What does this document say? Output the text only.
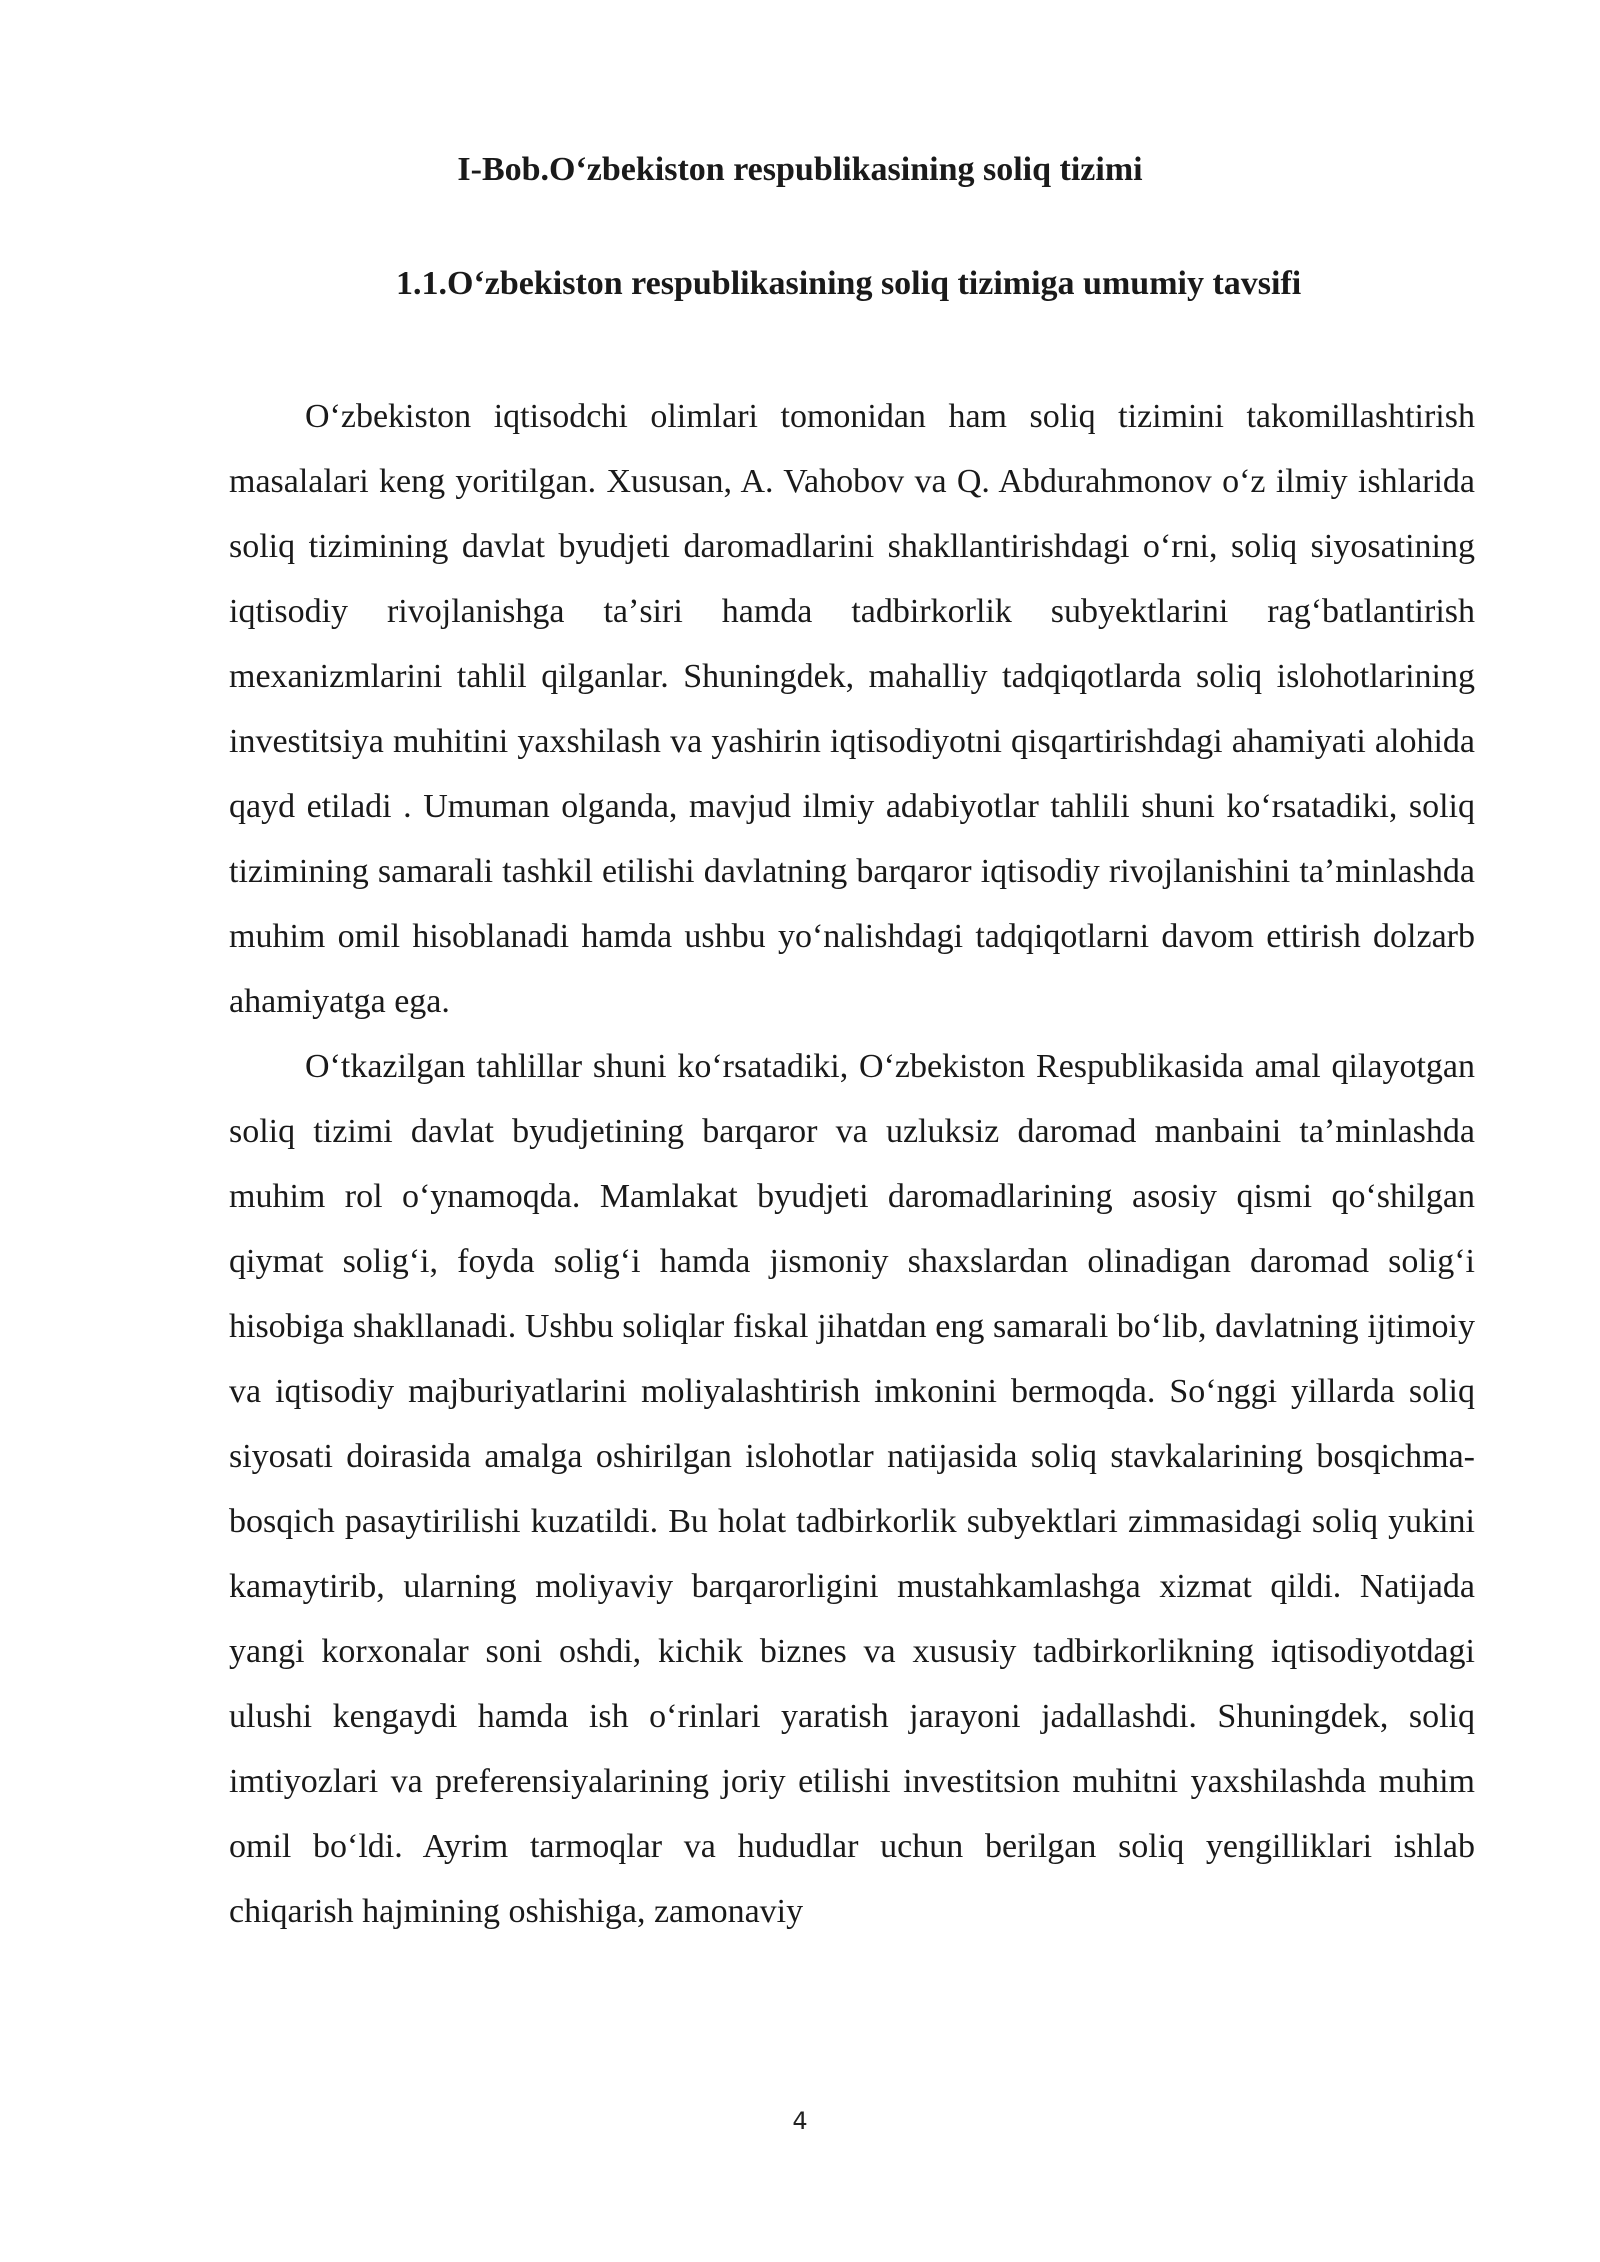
I-Bob.Oʻzbekiston respublikasining soliq tizimi
1.1.Oʻzbekiston respublikasining soliq tizimiga umumiy tavsifi

Oʻzbekiston iqtisodchi olimlari tomonidan ham soliq tizimini takomillashtirish masalalari keng yoritilgan. Xususan, A. Vahobov va Q. Abdurahmonov oʻz ilmiy ishlarida soliq tizimining davlat byudjeti daromadlarini shakllantirishdagi oʻrni, soliq siyosatining iqtisodiy rivojlanishga taʼsiri hamda tadbirkorlik subyektlarini ragʻbatlantirish mexanizmlarini tahlil qilganlar. Shuningdek, mahalliy tadqiqotlarda soliq islohotlarining investitsiya muhitini yaxshilash va yashirin iqtisodiyotni qisqartirishdagi ahamiyati alohida qayd etiladi . Umuman olganda, mavjud ilmiy adabiyotlar tahlili shuni koʻrsatadiki, soliq tizimining samarali tashkil etilishi davlatning barqaror iqtisodiy rivojlanishini taʼminlashda muhim omil hisoblanadi hamda ushbu yoʻnalishdagi tadqiqotlarni davom ettirish dolzarb ahamiyatga ega.

Oʻtkazilgan tahlillar shuni koʻrsatadiki, Oʻzbekiston Respublikasida amal qilayotgan soliq tizimi davlat byudjetining barqaror va uzluksiz daromad manbaini taʼminlashda muhim rol oʻynamoqda. Mamlakat byudjeti daromadlarining asosiy qismi qoʻshilgan qiymat soligʻi, foyda soligʻi hamda jismoniy shaxslardan olinadigan daromad soligʻi hisobiga shakllanadi. Ushbu soliqlar fiskal jihatdan eng samarali boʻlib, davlatning ijtimoiy va iqtisodiy majburiyatlarini moliyalashtirish imkonini bermoqda. Soʻnggi yillarda soliq siyosati doirasida amalga oshirilgan islohotlar natijasida soliq stavkalarining bosqichma-bosqich pasaytirilishi kuzatildi. Bu holat tadbirkorlik subyektlari zimmasidagi soliq yukini kamaytirib, ularning moliyaviy barqarorligini mustahkamlashga xizmat qildi. Natijada yangi korxonalar soni oshdi, kichik biznes va xususiy tadbirkorlikning iqtisodiyotdagi ulushi kengaydi hamda ish oʻrinlari yaratish jarayoni jadallashdi. Shuningdek, soliq imtiyozlari va preferensiyalarining joriy etilishi investitsion muhitni yaxshilashda muhim omil boʻldi. Ayrim tarmoqlar va hududlar uchun berilgan soliq yengilliklari ishlab chiqarish hajmining oshishiga, zamonaviy

4
